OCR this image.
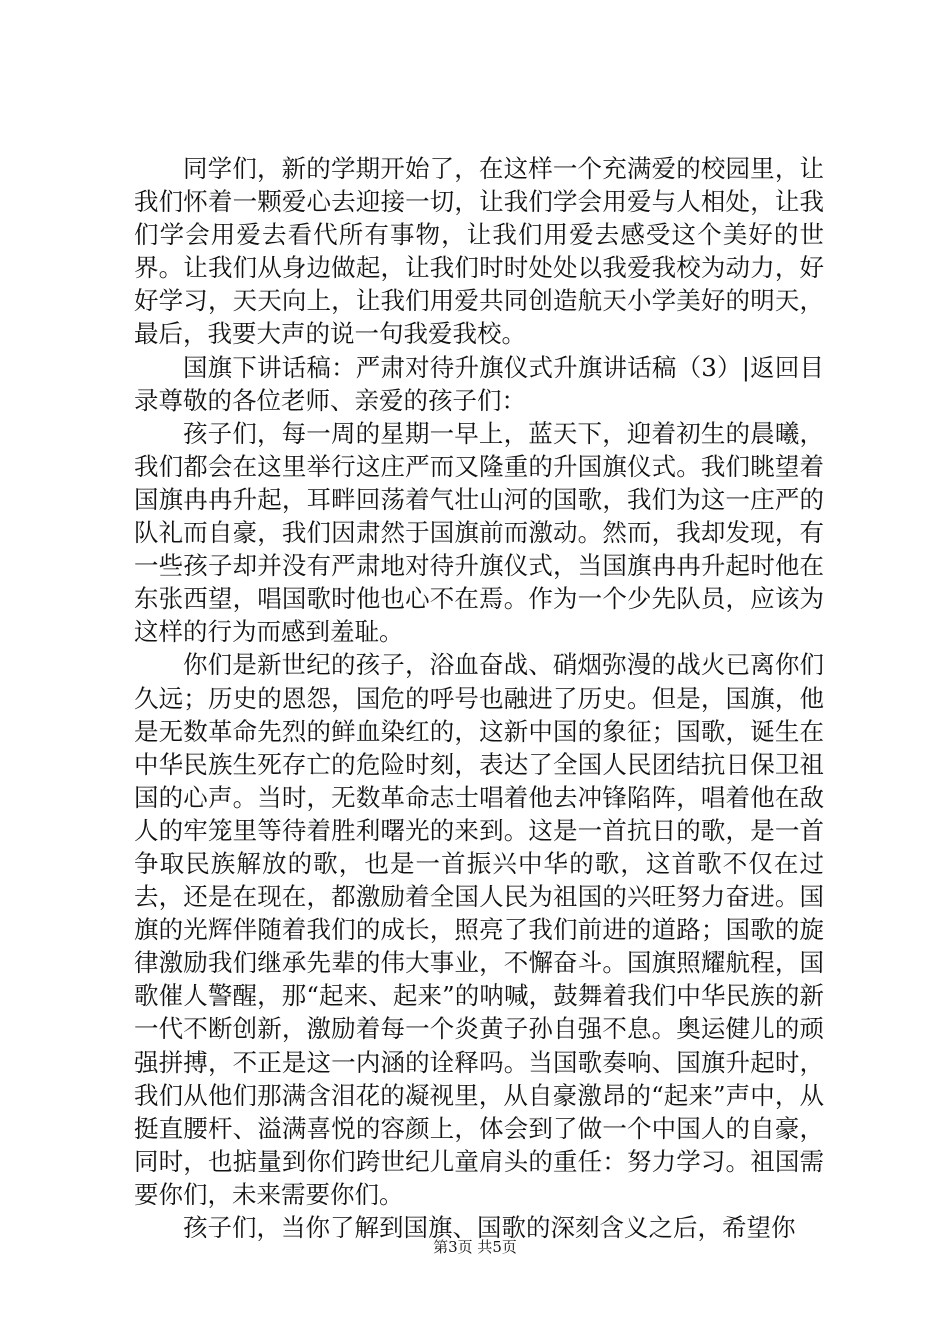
同学们，新的学期开始了，在这样一个充满爱的校园里，让我们怀着一颗爱心去迎接一切，让我们学会用爱与人相处，让我们学会用爱去看代所有事物，让我们用爱去感受这个美好的世界。让我们从身边做起，让我们时时处处以我爱我校为动力，好好学习，天天向上，让我们用爱共同创造航天小学美好的明天，最后，我要大声的说一句我爱我校。

国旗下讲话稿：严肃对待升旗仪式升旗讲话稿（3）|返回目录尊敬的各位老师、亲爱的孩子们：

孩子们，每一周的星期一早上，蓝天下，迎着初生的晨曦，我们都会在这里举行这庄严而又隆重的升国旗仪式。我们眺望着国旗冉冉升起，耳畔回荡着气壮山河的国歌，我们为这一庄严的队礼而自豪，我们因肃然于国旗前而激动。然而，我却发现，有一些孩子却并没有严肃地对待升旗仪式，当国旗冉冉升起时他在东张西望，唱国歌时他也心不在焉。作为一个少先队员，应该为这样的行为而感到羞耻。

你们是新世纪的孩子，浴血奋战、硝烟弥漫的战火已离你们久远；历史的恩怨，国危的呼号也融进了历史。但是，国旗，他是无数革命先烈的鲜血染红的，这新中国的象征；国歌，诞生在中华民族生死存亡的危险时刻，表达了全国人民团结抗日保卫祖国的心声。当时，无数革命志士唱着他去冲锋陷阵，唱着他在敌人的牢笼里等待着胜利曙光的来到。这是一首抗日的歌，是一首争取民族解放的歌，也是一首振兴中华的歌，这首歌不仅在过去，还是在现在，都激励着全国人民为祖国的兴旺努力奋进。国旗的光辉伴随着我们的成长，照亮了我们前进的道路；国歌的旋律激励我们继承先辈的伟大事业，不懈奋斗。国旗照耀航程，国歌催人警醒，那“起来、起来”的呐喊，鼓舞着我们中华民族的新一代不断创新，激励着每一个炎黄子孙自强不息。奥运健儿的顽强拼搏，不正是这一内涵的诠释吗。当国歌奏响、国旗升起时，我们从他们那满含泪花的凝视里，从自豪激昂的“起来”声中，从挺直腰杆、溢满喜悦的容颜上，体会到了做一个中国人的自豪，同时，也掂量到你们跨世纪儿童肩头的重任：努力学习。祖国需要你们，未来需要你们。

孩子们，当你了解到国旗、国歌的深刻含义之后，希望你

第3页 共5页
